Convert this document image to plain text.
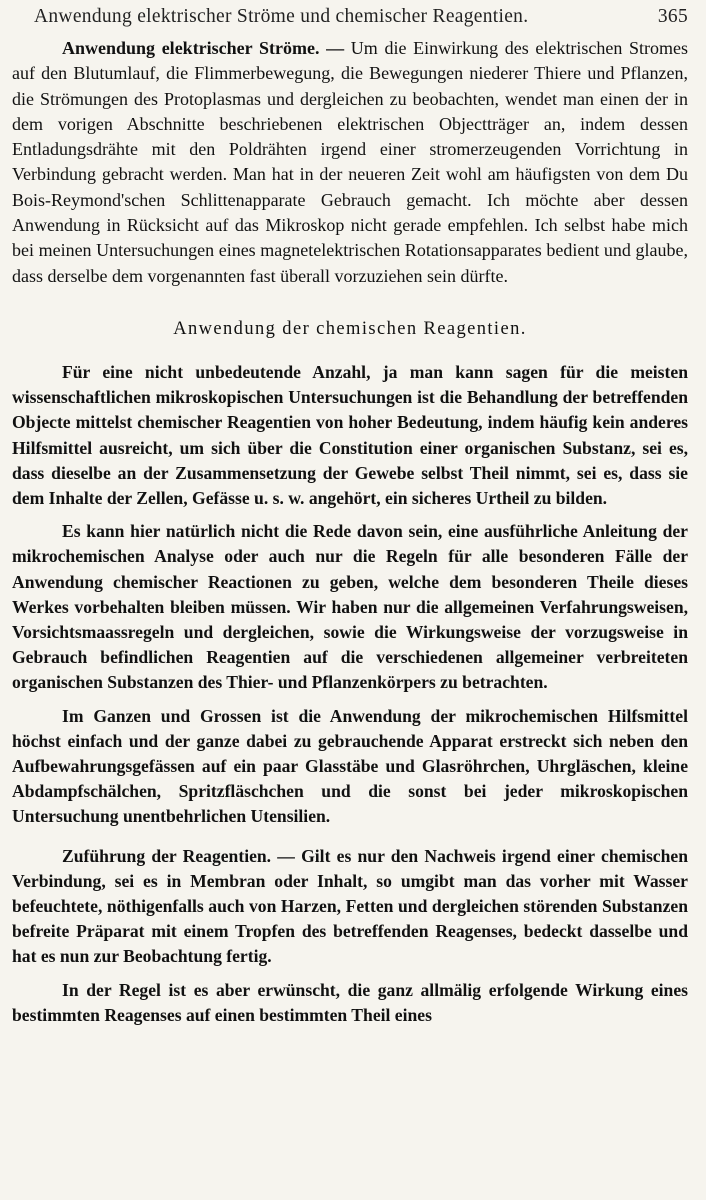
Anwendung elektrischer Ströme und chemischer Reagentien.	365

Anwendung elektrischer Ströme. — Um die Einwirkung des elektrischen Stromes auf den Blutumlauf, die Flimmerbewegung, die Bewegungen niederer Thiere und Pflanzen, die Strömungen des Protoplasmas und dergleichen zu beobachten, wendet man einen der in dem vorigen Abschnitte beschriebenen elektrischen Objectträger an, indem dessen Entladungsdrähte mit den Poldrähten irgend einer stromerzeugenden Vorrichtung in Verbindung gebracht werden. Man hat in der neueren Zeit wohl am häufigsten von dem Du Bois-Reymond'schen Schlittenapparate Gebrauch gemacht. Ich möchte aber dessen Anwendung in Rücksicht auf das Mikroskop nicht gerade empfehlen. Ich selbst habe mich bei meinen Untersuchungen eines magnetelektrischen Rotationsapparates bedient und glaube, dass derselbe dem vorgenannten fast überall vorzuziehen sein dürfte.

Anwendung der chemischen Reagentien.

Für eine nicht unbedeutende Anzahl, ja man kann sagen für die meisten wissenschaftlichen mikroskopischen Untersuchungen ist die Behandlung der betreffenden Objecte mittelst chemischer Reagentien von hoher Bedeutung, indem häufig kein anderes Hilfsmittel ausreicht, um sich über die Constitution einer organischen Substanz, sei es, dass dieselbe an der Zusammensetzung der Gewebe selbst Theil nimmt, sei es, dass sie dem Inhalte der Zellen, Gefässe u. s. w. angehört, ein sicheres Urtheil zu bilden.

Es kann hier natürlich nicht die Rede davon sein, eine ausführliche Anleitung der mikrochemischen Analyse oder auch nur die Regeln für alle besonderen Fälle der Anwendung chemischer Reactionen zu geben, welche dem besonderen Theile dieses Werkes vorbehalten bleiben müssen. Wir haben nur die allgemeinen Verfahrungsweisen, Vorsichtsmaassregeln und dergleichen, sowie die Wirkungsweise der vorzugsweise in Gebrauch befindlichen Reagentien auf die verschiedenen allgemeiner verbreiteten organischen Substanzen des Thier- und Pflanzenkörpers zu betrachten.

Im Ganzen und Grossen ist die Anwendung der mikrochemischen Hilfsmittel höchst einfach und der ganze dabei zu gebrauchende Apparat erstreckt sich neben den Aufbewahrungsgefässen auf ein paar Glasstäbe und Glasröhrchen, Uhrgläschen, kleine Abdampfschälchen, Spritzfläschchen und die sonst bei jeder mikroskopischen Untersuchung unentbehrlichen Utensilien.

Zuführung der Reagentien. — Gilt es nur den Nachweis irgend einer chemischen Verbindung, sei es in Membran oder Inhalt, so umgibt man das vorher mit Wasser befeuchtete, nöthigenfalls auch von Harzen, Fetten und dergleichen störenden Substanzen befreite Präparat mit einem Tropfen des betreffenden Reagenses, bedeckt dasselbe und hat es nun zur Beobachtung fertig.

In der Regel ist es aber erwünscht, die ganz allmälig erfolgende Wirkung eines bestimmten Reagenses auf einen bestimmten Theil eines
